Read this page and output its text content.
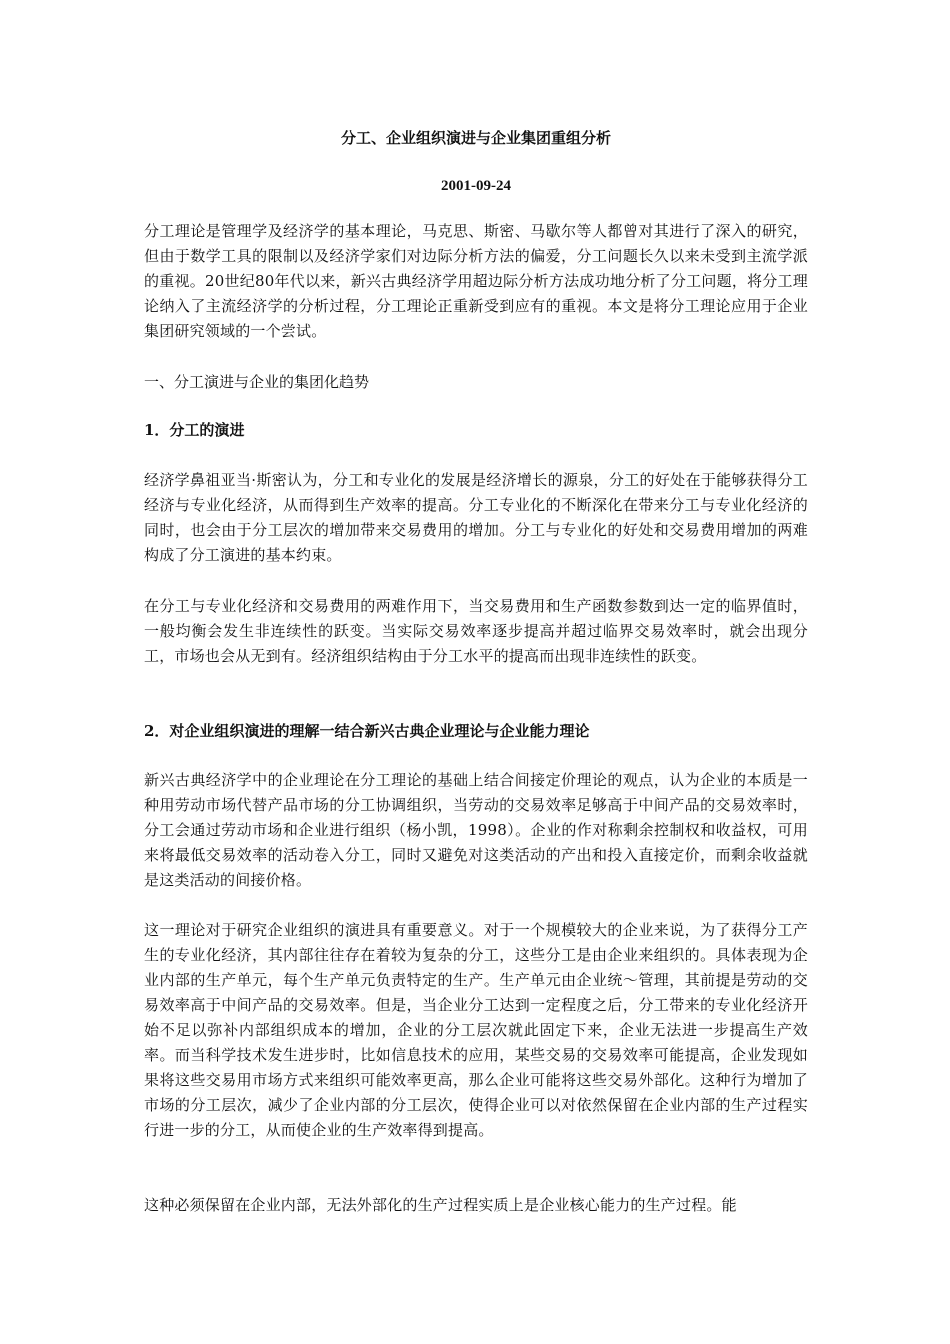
分工、企业组织演进与企业集团重组分析
2001-09-24

分工理论是管理学及经济学的基本理论，马克思、斯密、马歇尔等人都曾对其进行了深入的研究，但由于数学工具的限制以及经济学家们对边际分析方法的偏爱，分工问题长久以来未受到主流学派的重视。20世纪80年代以来，新兴古典经济学用超边际分析方法成功地分析了分工问题，将分工理论纳入了主流经济学的分析过程，分工理论正重新受到应有的重视。本文是将分工理论应用于企业集团研究领域的一个尝试。

一、分工演进与企业的集团化趋势

1．分工的演进

经济学鼻祖亚当·斯密认为，分工和专业化的发展是经济增长的源泉，分工的好处在于能够获得分工经济与专业化经济，从而得到生产效率的提高。分工专业化的不断深化在带来分工与专业化经济的同时，也会由于分工层次的增加带来交易费用的增加。分工与专业化的好处和交易费用增加的两难构成了分工演进的基本约束。

在分工与专业化经济和交易费用的两难作用下，当交易费用和生产函数参数到达一定的临界值时，一般均衡会发生非连续性的跃变。当实际交易效率逐步提高并超过临界交易效率时，就会出现分工，市场也会从无到有。经济组织结构由于分工水平的提高而出现非连续性的跃变。

2．对企业组织演进的理解一结合新兴古典企业理论与企业能力理论

新兴古典经济学中的企业理论在分工理论的基础上结合间接定价理论的观点，认为企业的本质是一种用劳动市场代替产品市场的分工协调组织，当劳动的交易效率足够高于中间产品的交易效率时，分工会通过劳动市场和企业进行组织（杨小凯，1998）。企业的作对称剩余控制权和收益权，可用来将最低交易效率的活动卷入分工，同时又避免对这类活动的产出和投入直接定价，而剩余收益就是这类活动的间接价格。

这一理论对于研究企业组织的演进具有重要意义。对于一个规模较大的企业来说，为了获得分工产生的专业化经济，其内部往往存在着较为复杂的分工，这些分工是由企业来组织的。具体表现为企业内部的生产单元，每个生产单元负责特定的生产。生产单元由企业统～管理，其前提是劳动的交易效率高于中间产品的交易效率。但是，当企业分工达到一定程度之后，分工带来的专业化经济开始不足以弥补内部组织成本的增加，企业的分工层次就此固定下来，企业无法进一步提高生产效率。而当科学技术发生进步时，比如信息技术的应用，某些交易的交易效率可能提高，企业发现如果将这些交易用市场方式来组织可能效率更高，那么企业可能将这些交易外部化。这种行为增加了市场的分工层次，减少了企业内部的分工层次，使得企业可以对依然保留在企业内部的生产过程实行进一步的分工，从而使企业的生产效率得到提高。

这种必须保留在企业内部，无法外部化的生产过程实质上是企业核心能力的生产过程。能
